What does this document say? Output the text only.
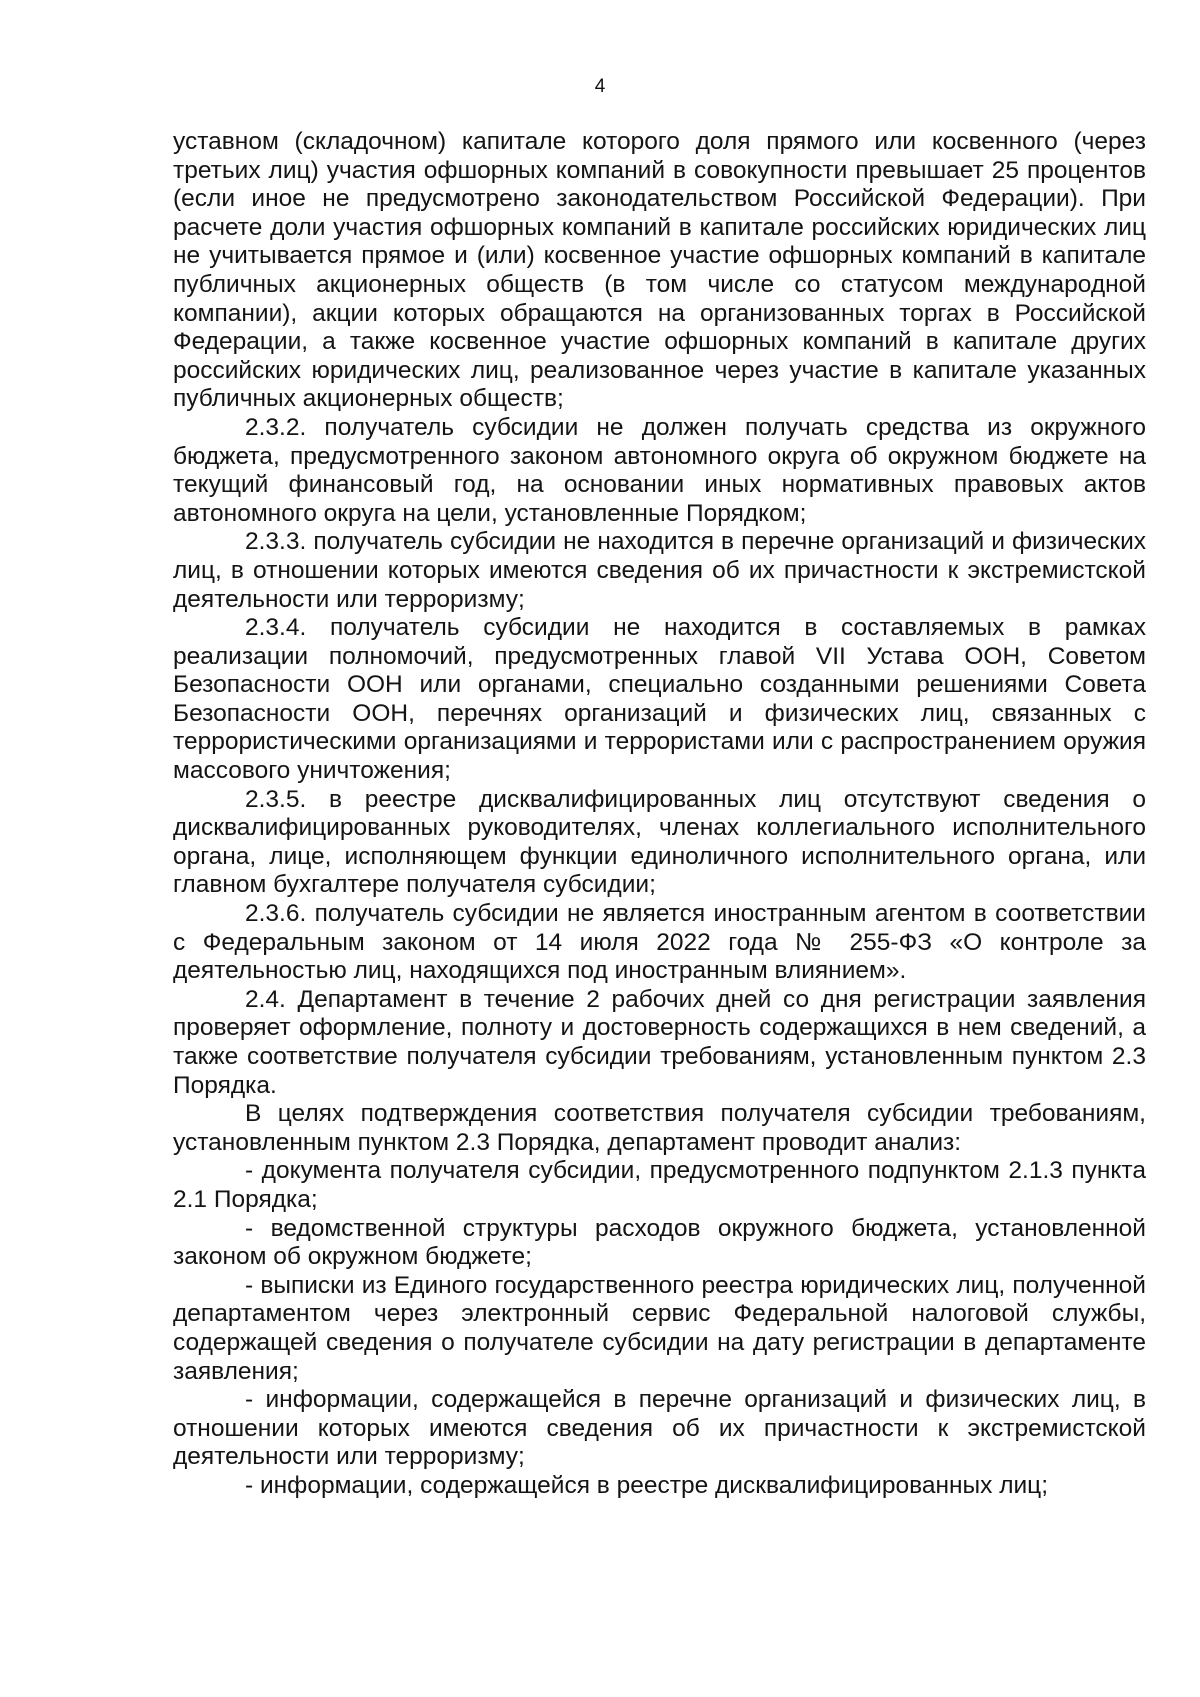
4

уставном (складочном) капитале которого доля прямого или косвенного (через третьих лиц) участия офшорных компаний в совокупности превышает 25 процентов (если иное не предусмотрено законодательством Российской Федерации). При расчете доли участия офшорных компаний в капитале российских юридических лиц не учитывается прямое и (или) косвенное участие офшорных компаний в капитале публичных акционерных обществ (в том числе со статусом международной компании), акции которых обращаются на организованных торгах в Российской Федерации, а также косвенное участие офшорных компаний в капитале других российских юридических лиц, реализованное через участие в капитале указанных публичных акционерных обществ;

2.3.2. получатель субсидии не должен получать средства из окружного бюджета, предусмотренного законом автономного округа об окружном бюджете на текущий финансовый год, на основании иных нормативных правовых актов автономного округа на цели, установленные Порядком;

2.3.3. получатель субсидии не находится в перечне организаций и физических лиц, в отношении которых имеются сведения об их причастности к экстремистской деятельности или терроризму;

2.3.4. получатель субсидии не находится в составляемых в рамках реализации полномочий, предусмотренных главой VII Устава ООН, Советом Безопасности ООН или органами, специально созданными решениями Совета Безопасности ООН, перечнях организаций и физических лиц, связанных с террористическими организациями и террористами или с распространением оружия массового уничтожения;

2.3.5. в реестре дисквалифицированных лиц отсутствуют сведения о дисквалифицированных руководителях, членах коллегиального исполнительного органа, лице, исполняющем функции единоличного исполнительного органа, или главном бухгалтере получателя субсидии;

2.3.6. получатель субсидии не является иностранным агентом в соответствии с Федеральным законом от 14 июля 2022 года № 255-ФЗ «О контроле за деятельностью лиц, находящихся под иностранным влиянием».

2.4. Департамент в течение 2 рабочих дней со дня регистрации заявления проверяет оформление, полноту и достоверность содержащихся в нем сведений, а также соответствие получателя субсидии требованиям, установленным пунктом 2.3 Порядка.

В целях подтверждения соответствия получателя субсидии требованиям, установленным пунктом 2.3 Порядка, департамент проводит анализ:

- документа получателя субсидии, предусмотренного подпунктом 2.1.3 пункта 2.1 Порядка;

- ведомственной структуры расходов окружного бюджета, установленной законом об окружном бюджете;

- выписки из Единого государственного реестра юридических лиц, полученной департаментом через электронный сервис Федеральной налоговой службы, содержащей сведения о получателе субсидии на дату регистрации в департаменте заявления;

- информации, содержащейся в перечне организаций и физических лиц, в отношении которых имеются сведения об их причастности к экстремистской деятельности или терроризму;

- информации, содержащейся в реестре дисквалифицированных лиц;
